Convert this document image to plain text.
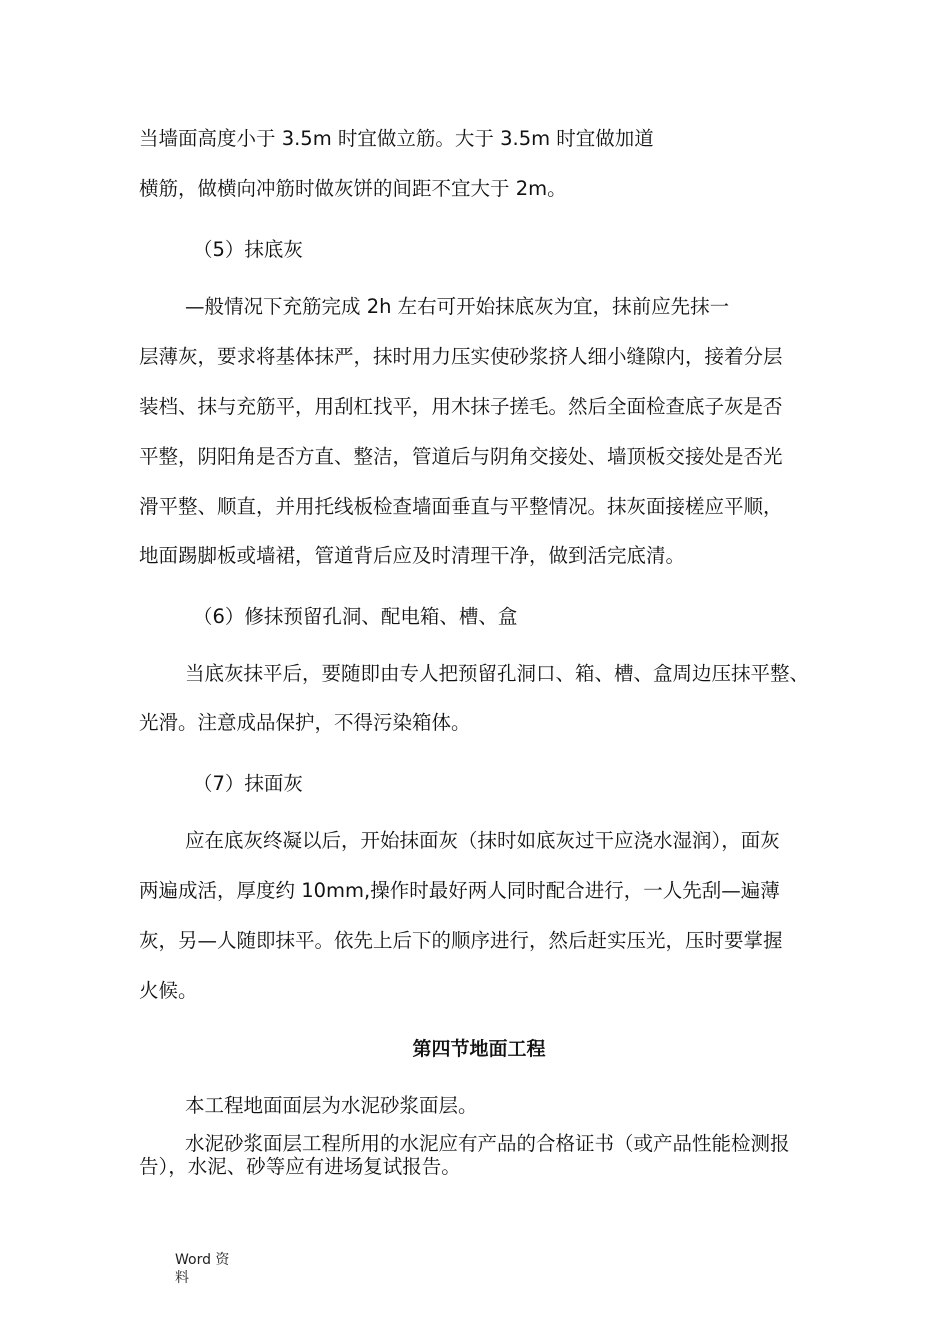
当墙面高度小于 3.5m 时宜做立筋。大于 3.5m 时宜做加道

横筋，做横向冲筋时做灰饼的间距不宜大于 2m。

（5）抹底灰

—般情况下充筋完成 2h 左右可开始抹底灰为宜，抹前应先抹一

层薄灰，要求将基体抹严，抹时用力压实使砂浆挤人细小缝隙内，接着分层

装档、抹与充筋平，用刮杠找平，用木抹子搓毛。然后全面检查底子灰是否

平整，阴阳角是否方直、整洁，管道后与阴角交接处、墙顶板交接处是否光

滑平整、顺直，并用托线板检查墙面垂直与平整情况。抹灰面接槎应平顺，

地面踢脚板或墙裙，管道背后应及时清理干净，做到活完底清。

（6）修抹预留孔洞、配电箱、槽、盒

当底灰抹平后，要随即由专人把预留孔洞口、箱、槽、盒周边压抹平整、

光滑。注意成品保护，不得污染箱体。

（7）抹面灰

应在底灰终凝以后，开始抹面灰（抹时如底灰过干应浇水湿润），面灰

两遍成活，厚度约 10mm,操作时最好两人同时配合进行，一人先刮—遍薄

灰，另—人随即抹平。依先上后下的顺序进行，然后赶实压光，压时要掌握

火候。

第四节地面工程

本工程地面面层为水泥砂浆面层。

水泥砂浆面层工程所用的水泥应有产品的合格证书（或产品性能检测报

告），水泥、砂等应有进场复试报告。

Word 资

料
